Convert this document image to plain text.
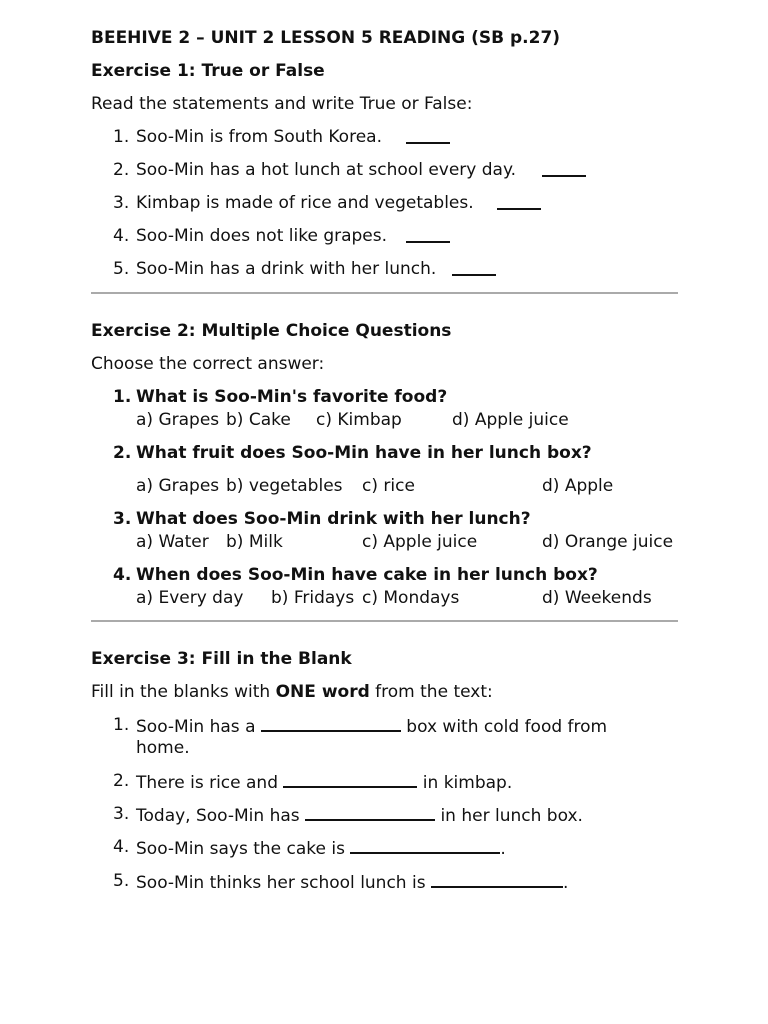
BEEHIVE 2 – UNIT 2 LESSON 5 READING (SB p.27)
Exercise 1: True or False
Read the statements and write True or False:
1. Soo-Min is from South Korea.
2. Soo-Min has a hot lunch at school every day.
3. Kimbap is made of rice and vegetables.
4. Soo-Min does not like grapes.
5. Soo-Min has a drink with her lunch.
Exercise 2: Multiple Choice Questions
Choose the correct answer:
1. What is Soo-Min's favorite food?
a) Grapes b) Cake c) Kimbap	d) Apple juice
2. What fruit does Soo-Min have in her lunch box?
a) Grapes b) vegetables c) rice	d) Apple
3. What does Soo-Min drink with her lunch?
a) Water b) Milk	c) Apple juice	d) Orange juice
4. When does Soo-Min have cake in her lunch box?
a) Every day b) Fridays c) Mondays	d) Weekends
Exercise 3: Fill in the Blank
Fill in the blanks with ONE word from the text:
1. Soo-Min has a	box with cold food from
home.
2. There is rice and	in kimbap.
3. Today, Soo-Min has	in her lunch box.
4. Soo-Min says the cake is	.
5. Soo-Min thinks her school lunch is	.
